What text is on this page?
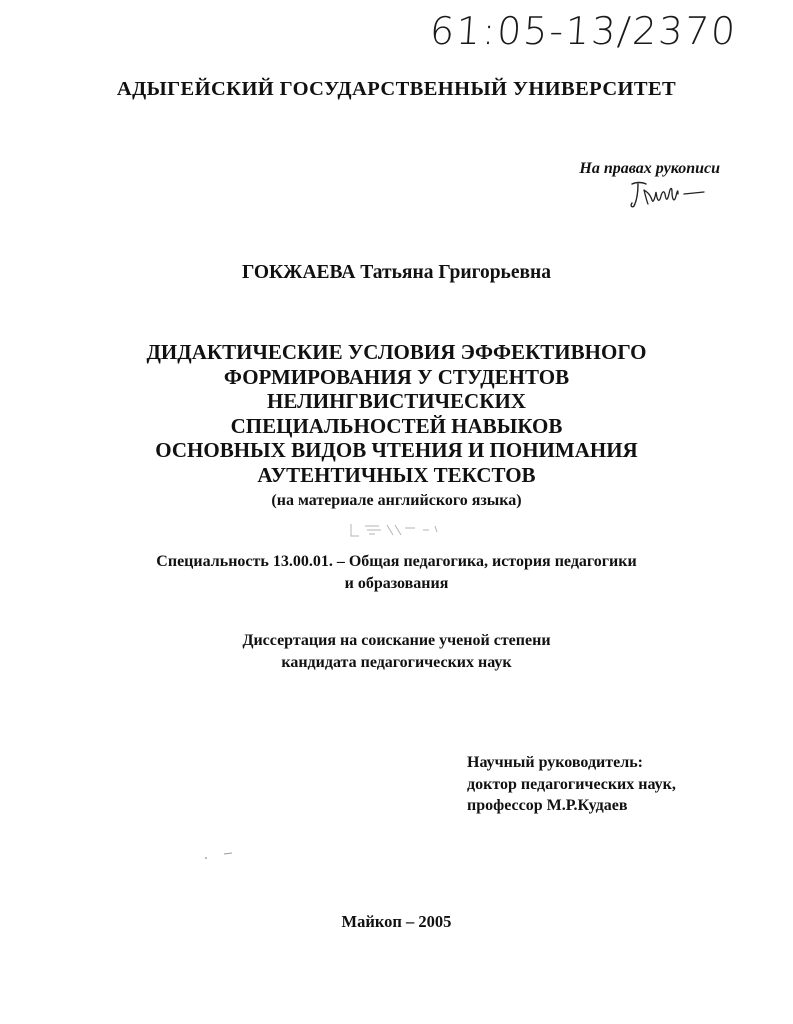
61:05-13/2370
АДЫГЕЙСКИЙ ГОСУДАРСТВЕННЫЙ УНИВЕРСИТЕТ
На правах рукописи
ГОКЖАЕВА Татьяна Григорьевна
ДИДАКТИЧЕСКИЕ УСЛОВИЯ ЭФФЕКТИВНОГО
ФОРМИРОВАНИЯ У СТУДЕНТОВ
НЕЛИНГВИСТИЧЕСКИХ
СПЕЦИАЛЬНОСТЕЙ НАВЫКОВ
ОСНОВНЫХ ВИДОВ ЧТЕНИЯ И ПОНИМАНИЯ
АУТЕНТИЧНЫХ ТЕКСТОВ
(на материале английского языка)
Специальность 13.00.01. – Общая педагогика, история педагогики
и образования
Диссертация на соискание ученой степени
кандидата педагогических наук
Научный руководитель:
доктор педагогических наук,
профессор М.Р.Кудаев
Майкоп – 2005
